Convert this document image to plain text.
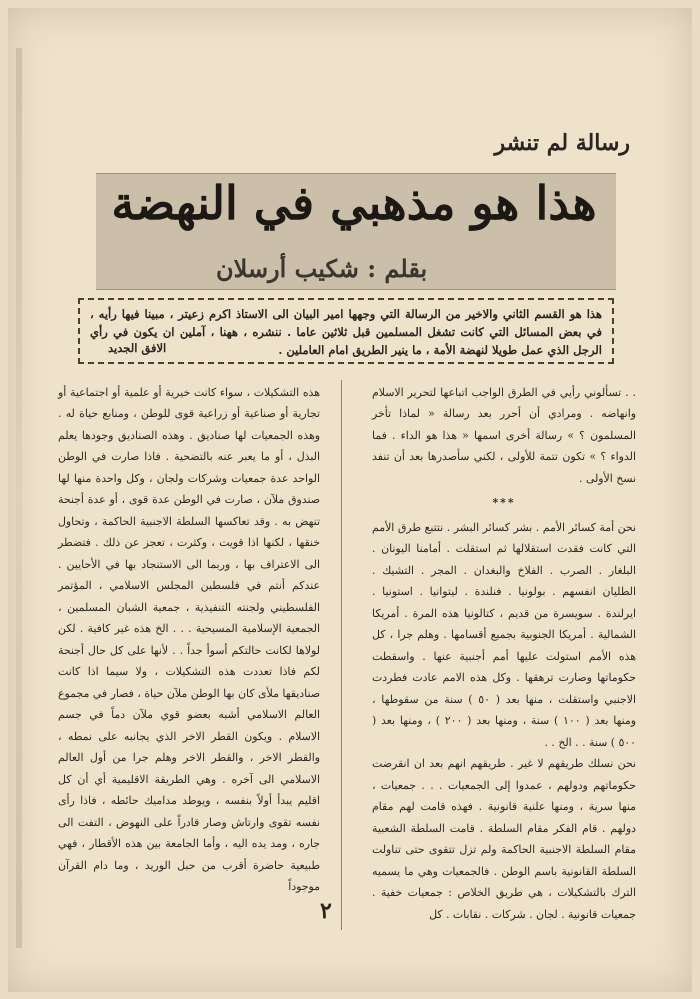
رسالة لم تنشر
هذا هو مذهبي في النهضة
بقلم : شكيب أرسلان
هذا هو القسم الثاني والاخير من الرسالة التي وجهها امير البيان الى الاستاذ اكرم زعيتر ، مبينا فيها رأيه ، في بعض المسائل التي كانت تشغل المسلمين قبل ثلاثين عاما . ننشره ، ههنا ، آملين ان يكون في رأي الرجل الذي عمل طويلا لنهضة الأمة ، ما ينير الطريق امام العاملين .
الافق الجديد

. . تسألوني رأيي في الطرق الواجب اتباعها لتحرير الاسلام وانهاضه . ومرادي أن أحرر بعد رسالة « لماذا تأخر المسلمون ؟ » رسالة أخرى اسمها « هذا هو الداء . فما الدواء ؟ » تكون تتمة للأولى ، لكني سأصدرها بعد أن تنفد نسخ الأولى .

***

نحن أمة كسائر الأمم . بشر كسائر البشر . نتتبع طرق الأمم التي كانت فقدت استقلالها ثم استقلت . أمامنا اليونان . البلغار . الصرب . الفلاخ والبغدان . المجر . التشيك . الطليان انفسهم . بولونيا . فنلندة . ليتوانيا . استونيا . ايرلندة . سويسرة من قديم ، كتالونيا هذه المرة . أمريكا الشمالية . أمريكا الجنوبية بجميع أقسامها . وهلم جرا ، كل هذه الأمم استولت عليها أمم أجنبية عنها . واسقطت حكوماتها وصارت ترهقها . وكل هذه الامم عادت فطردت الاجنبي واستقلت ، منها بعد ( ٥٠ ) سنة من سقوطها ، ومنها بعد ( ١٠٠ ) سنة ، ومنها بعد ( ٢٠٠ ) ، ومنها بعد ( ٥٠٠ ) سنة . . الخ . .

نحن نسلك طريقهم لا غير . طريقهم انهم بعد ان انقرضت حكوماتهم ودولهم ، عمدوا إلى الجمعيات . . . جمعيات ، منها سرية ، ومنها علنية قانونية . فهذه قامت لهم مقام دولهم . قام الفكر مقام السلطة . قامت السلطة الشعبية مقام السلطة الاجنبية الحاكمة ولم تزل تتقوى حتى تناولت السلطة القانونية باسم الوطن . فالجمعيات وهي ما يسميه الترك بالتشكيلات ، هي طريق الخلاص : جمعيات خفية . جمعيات قانونية . لجان . شركات . نقابات . كل

هذه التشكيلات ، سواء كانت خيرية أو علمية أو اجتماعية أو تجارية أو صناعية أو زراعية قوى للوطن ، ومنابع حياة له . وهذه الجمعيات لها صناديق . وهذه الصناديق وجودها يعلم البذل ، أو ما يعبر عنه بالتضحية . فاذا صارت في الوطن الواحد عدة جمعيات وشركات ولجان ، وكل واحدة منها لها صندوق ملآن ، صارت في الوطن عدة قوى ، أو عدة أجنحة تنهض به . وقد تعاكسها السلطة الاجنبية الحاكمة ، وتحاول خنقها ، لكنها اذا قويت ، وكثرت ، تعجز عن ذلك . فتضطر الى الاعتراف بها ، وربما الى الاستنجاد بها في الأحايين . عندكم أنتم في فلسطين المجلس الاسلامي ، المؤتمر الفلسطيني ولجنته التنفيذية ، جمعية الشبان المسلمين ، الجمعية الإسلامية المسيحية . . . الخ هذه غير كافية . لكن لولاها لكانت حالتكم أسوأ جداً . . لأنها على كل حال أجنحة لكم فاذا تعددت هذه التشكيلات ، ولا سيما اذا كانت صناديقها ملأى كان بها الوطن ملآن حياة ، فصار في مجموع العالم الاسلامي أشبه بعضو قوي ملآن دماً في جسم الاسلام . ويكون القطر الاخر الذي يجانبه على نمطه ، والقطر الاخر ، والقطر الاخر وهلم جرا من أول العالم الاسلامي الى آخره . وهي الطريقة الاقليمية أي أن كل اقليم يبدأ أولاً بنفسه ، ويوطد مداميك حائطه ، فاذا رأى نفسه تقوى وارتاش وصار قادراً على النهوض ، التفت الى جاره ، ومد يده اليه ، وأما الجامعة بين هذه الأقطار ، فهي طبيعية حاضرة أقرب من حبل الوريد ، وما دام القرآن موجوداً

٢
